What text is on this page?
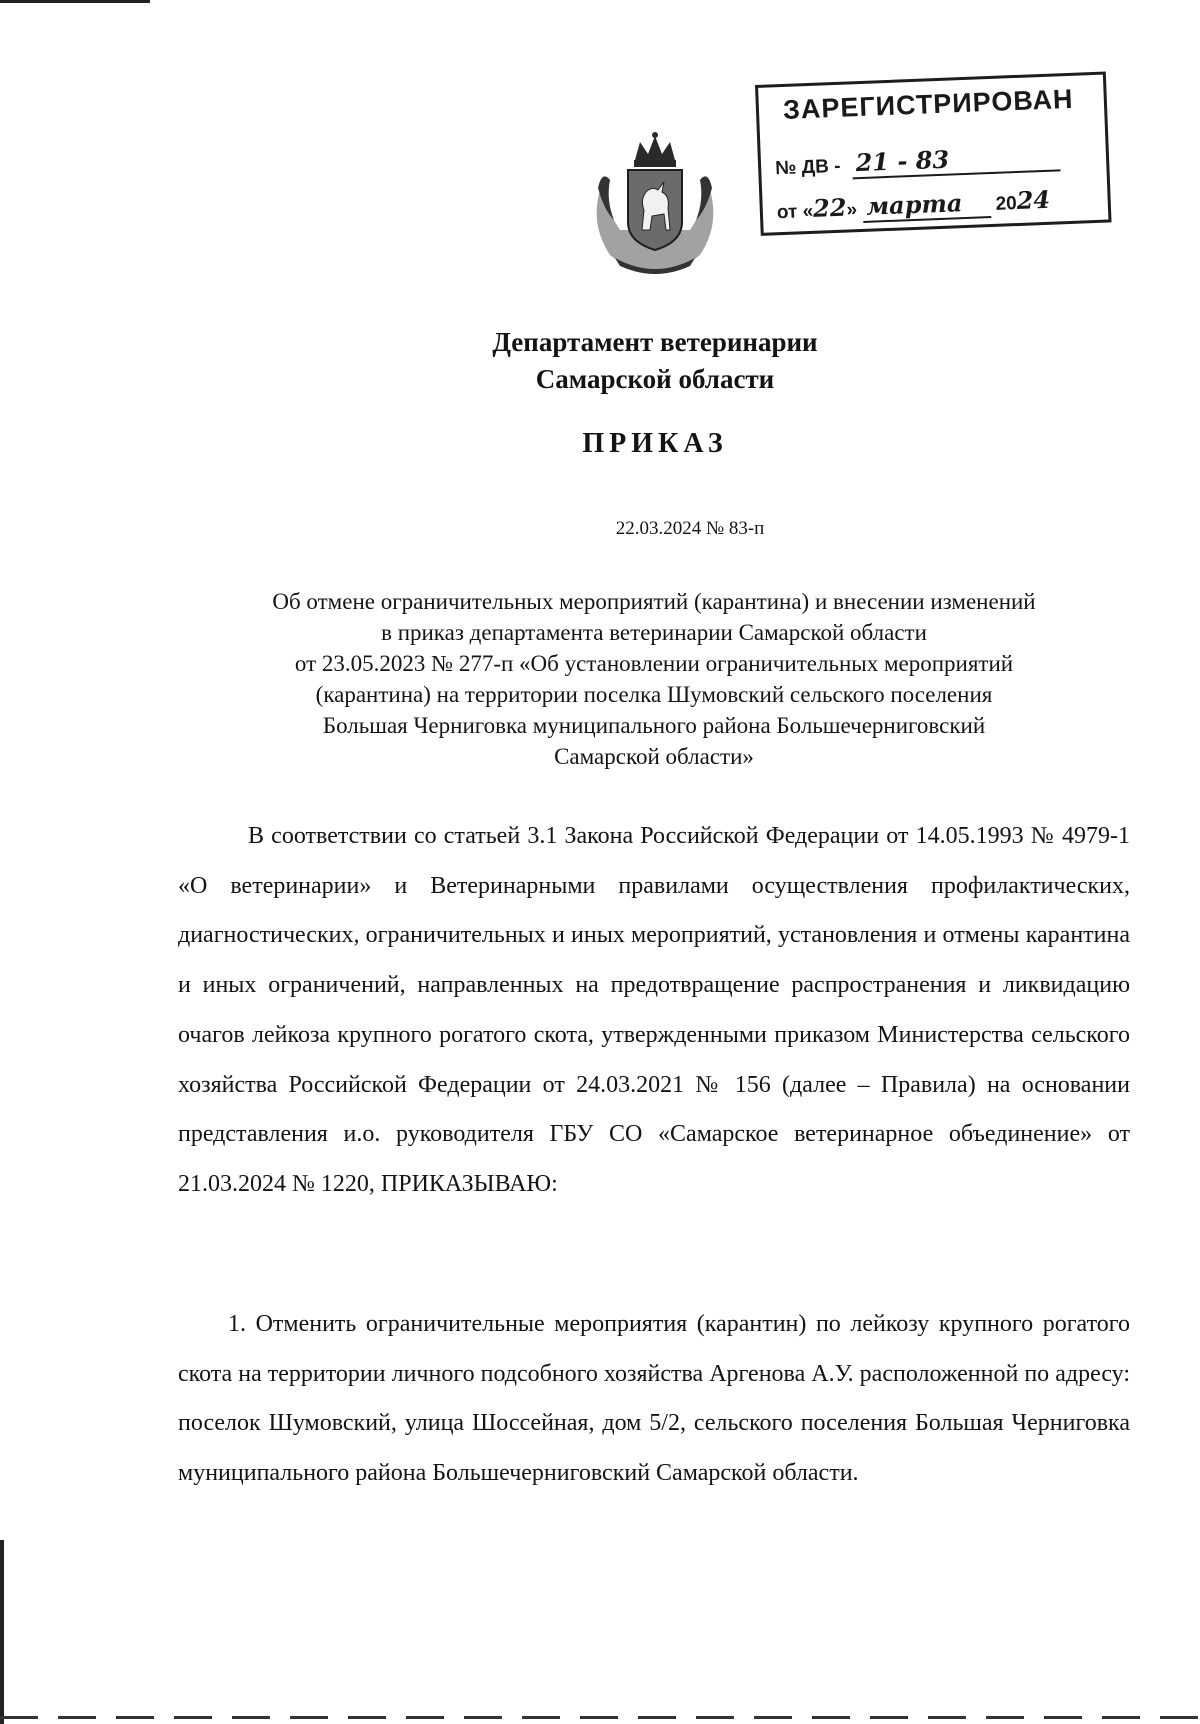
ЗАРЕГИСТРИРОВАН
№ ДВ - 21 - 83
от «22» марта 2024
Департамент ветеринарии
Самарской области
ПРИКАЗ
22.03.2024 № 83-п
Об отмене ограничительных мероприятий (карантина) и внесении изменений
в приказ департамента ветеринарии Самарской области
от 23.05.2023 № 277-п «Об установлении ограничительных мероприятий
(карантина) на территории поселка Шумовский сельского поселения
Большая Черниговка муниципального района Большечерниговский
Самарской области»
В соответствии со статьей 3.1 Закона Российской Федерации от 14.05.1993 № 4979-1 «О ветеринарии» и Ветеринарными правилами осуществления профилактических, диагностических, ограничительных и иных мероприятий, установления и отмены карантина и иных ограничений, направленных на предотвращение распространения и ликвидацию очагов лейкоза крупного рогатого скота, утвержденными приказом Министерства сельского хозяйства Российской Федерации от 24.03.2021 № 156 (далее – Правила) на основании представления и.о. руководителя ГБУ СО «Самарское ветеринарное объединение» от 21.03.2024 № 1220, ПРИКАЗЫВАЮ:
1. Отменить ограничительные мероприятия (карантин) по лейкозу крупного рогатого скота на территории личного подсобного хозяйства Аргенова А.У. расположенной по адресу: поселок Шумовский, улица Шоссейная, дом 5/2, сельского поселения Большая Черниговка муниципального района Большечерниговский Самарской области.
